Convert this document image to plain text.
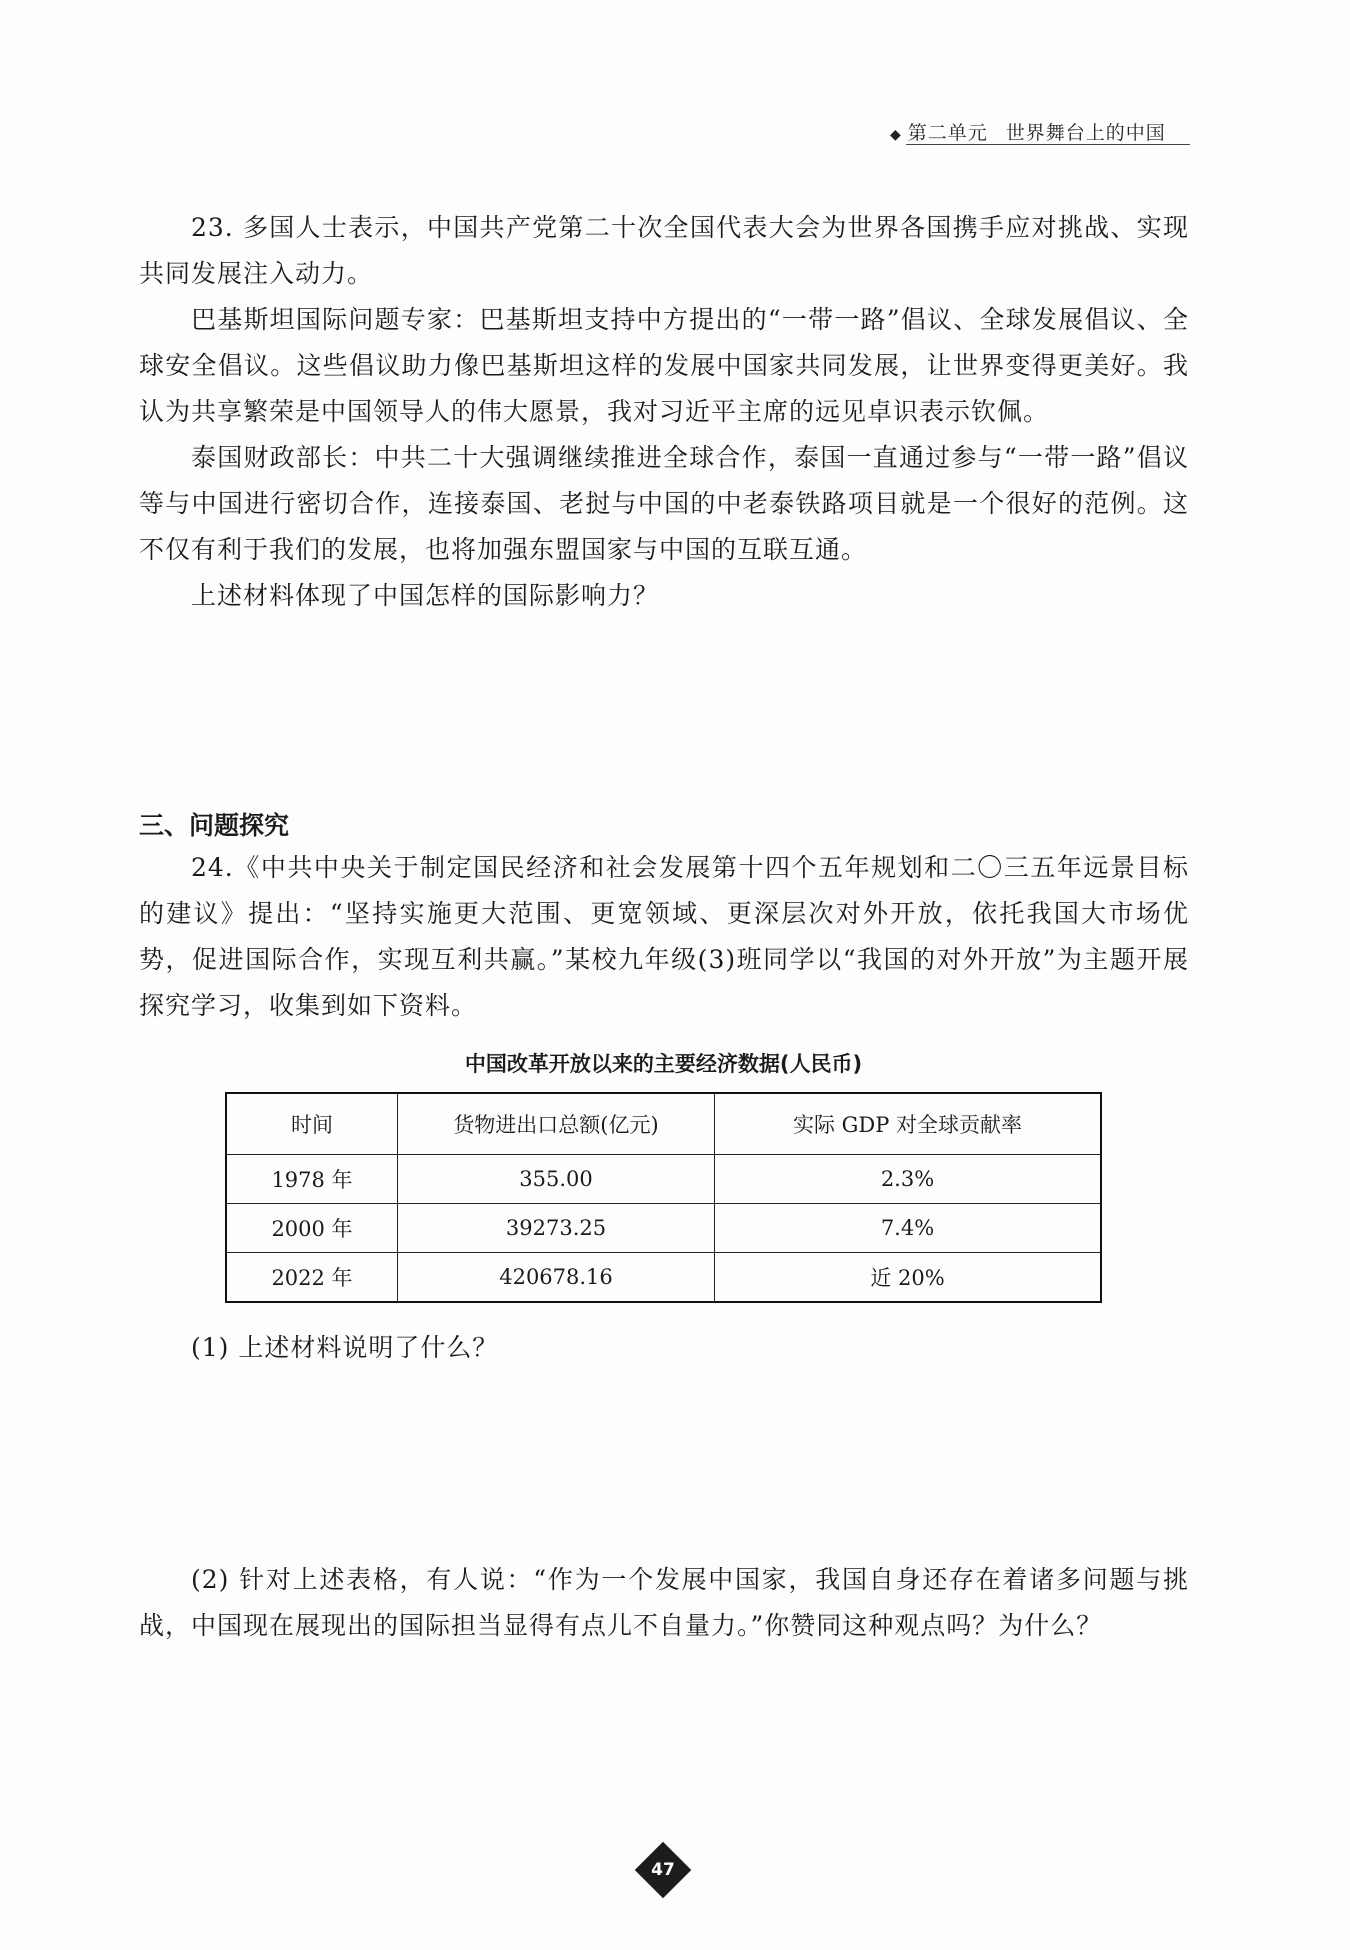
◆ 第二单元 世界舞台上的中国

23. 多国人士表示，中国共产党第二十次全国代表大会为世界各国携手应对挑战、实现共同发展注入动力。

巴基斯坦国际问题专家：巴基斯坦支持中方提出的“一带一路”倡议、全球发展倡议、全球安全倡议。这些倡议助力像巴基斯坦这样的发展中国家共同发展，让世界变得更美好。我认为共享繁荣是中国领导人的伟大愿景，我对习近平主席的远见卓识表示钦佩。

泰国财政部长：中共二十大强调继续推进全球合作，泰国一直通过参与“一带一路”倡议等与中国进行密切合作，连接泰国、老挝与中国的中老泰铁路项目就是一个很好的范例。这不仅有利于我们的发展，也将加强东盟国家与中国的互联互通。

上述材料体现了中国怎样的国际影响力？

三、问题探究

24.《中共中央关于制定国民经济和社会发展第十四个五年规划和二〇三五年远景目标的建议》提出：“坚持实施更大范围、更宽领域、更深层次对外开放，依托我国大市场优势，促进国际合作，实现互利共赢。”某校九年级(3)班同学以“我国的对外开放”为主题开展探究学习，收集到如下资料。

中国改革开放以来的主要经济数据(人民币)

时间	货物进出口总额(亿元)	实际 GDP 对全球贡献率
1978 年	355.00	2.3%
2000 年	39273.25	7.4%
2022 年	420678.16	近 20%

(1) 上述材料说明了什么？

(2) 针对上述表格，有人说：“作为一个发展中国家，我国自身还存在着诸多问题与挑战，中国现在展现出的国际担当显得有点儿不自量力。”你赞同这种观点吗？为什么？

47
